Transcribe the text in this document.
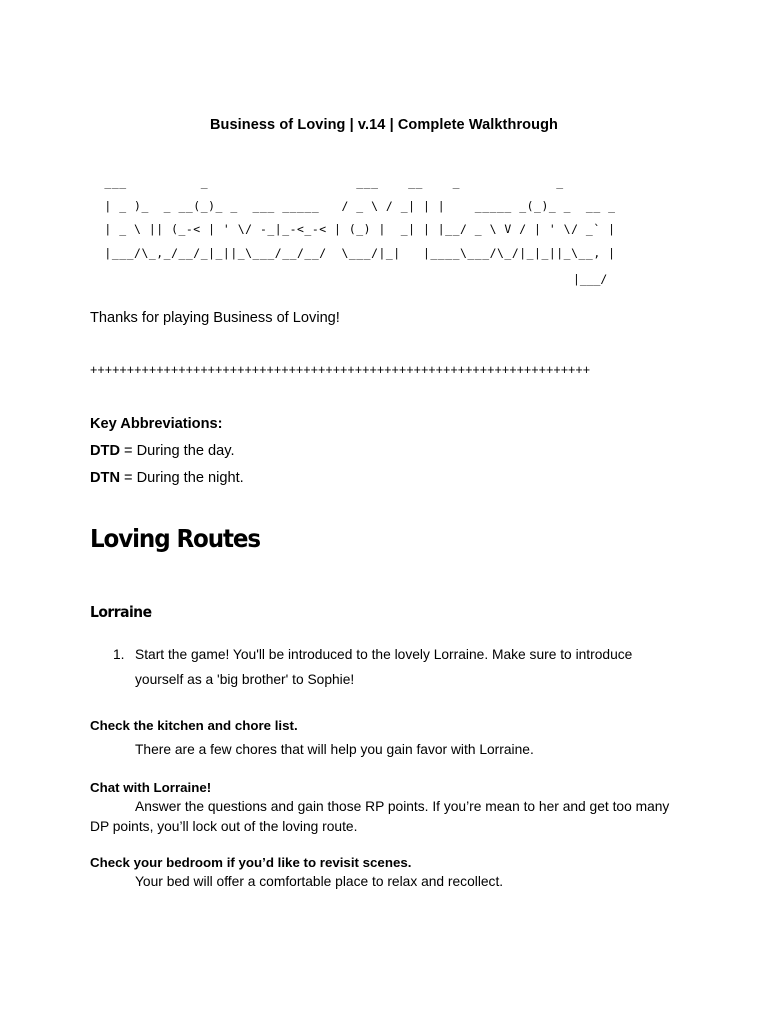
Business of Loving | v.14 | Complete Walkthrough
___          _                    ___    __    _             _
| _ )_  _ __(_)_ _  ___ _____   / _ \ / _| | |    _____ _(_)_ _  __ _
| _ \ || (_-< | ' \/ -_|_-<_-< | (_) |  _| | |__/ _ \ V / | ' \/ _` |
|___/\_,_/__/_|_||_\___/__/__/  \___/|_|   |____\___/\_/|_|_||_\__, |
|___/
Thanks for playing Business of Loving!
++++++++++++++++++++++++++++++++++++++++++++++++++++++++++++++++++++
Key Abbreviations:
DTD = During the day.
DTN = During the night.
Loving Routes
Lorraine
1. Start the game! You'll be introduced to the lovely Lorraine. Make sure to introduce yourself as a 'big brother' to Sophie!
Check the kitchen and chore list.
There are a few chores that will help you gain favor with Lorraine.
Chat with Lorraine!
Answer the questions and gain those RP points. If you’re mean to her and get too many DP points, you’ll lock out of the loving route.
Check your bedroom if you’d like to revisit scenes.
Your bed will offer a comfortable place to relax and recollect.
